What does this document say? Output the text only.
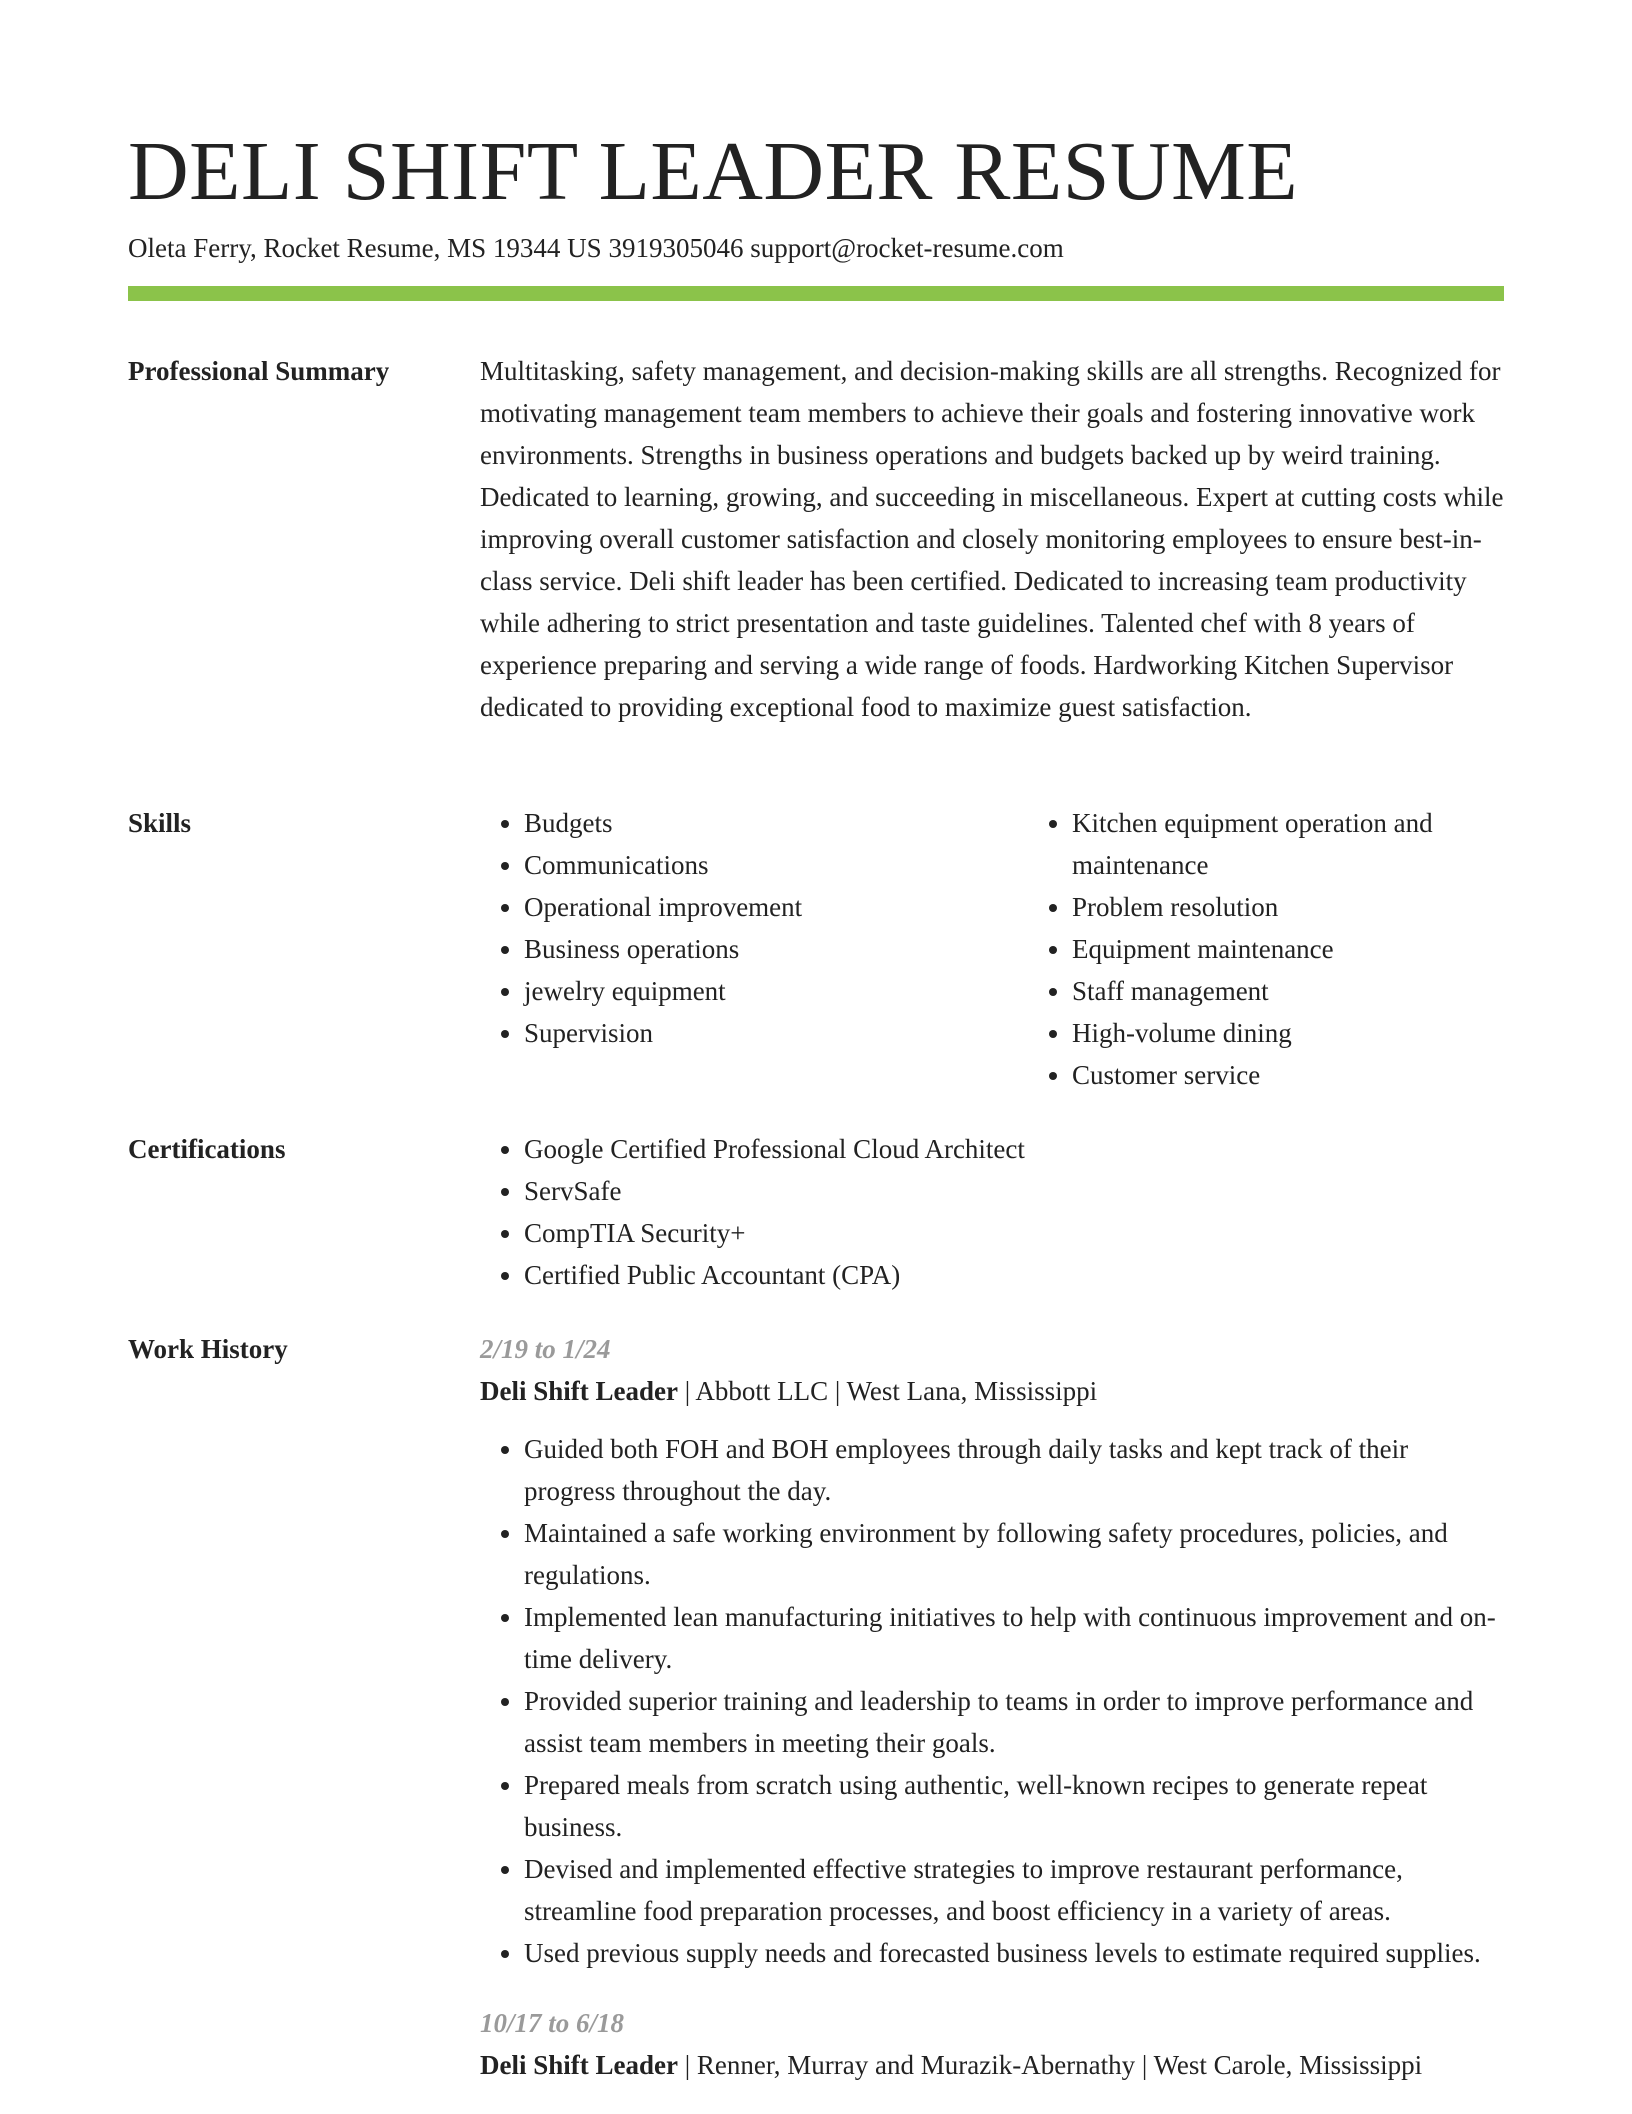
DELI SHIFT LEADER RESUME
Oleta Ferry, Rocket Resume, MS 19344 US 3919305046 support@rocket-resume.com
Professional Summary	Multitasking, safety management, and decision-making skills are all strengths. Recognized for motivating management team members to achieve their goals and fostering innovative work environments. Strengths in business operations and budgets backed up by weird training. Dedicated to learning, growing, and succeeding in miscellaneous. Expert at cutting costs while improving overall customer satisfaction and closely monitoring employees to ensure best-in-class service. Deli shift leader has been certified. Dedicated to increasing team productivity while adhering to strict presentation and taste guidelines. Talented chef with 8 years of experience preparing and serving a wide range of foods. Hardworking Kitchen Supervisor dedicated to providing exceptional food to maximize guest satisfaction.

Skills	• Budgets
• Communications
• Operational improvement
• Business operations
• jewelry equipment
• Supervision
• Kitchen equipment operation and maintenance
• Problem resolution
• Equipment maintenance
• Staff management
• High-volume dining
• Customer service
Certifications	• Google Certified Professional Cloud Architect
• ServSafe
• CompTIA Security+
• Certified Public Accountant (CPA)
Work History	2/19 to 1/24
Deli Shift Leader | Abbott LLC | West Lana, Mississippi
• Guided both FOH and BOH employees through daily tasks and kept track of their progress throughout the day.
• Maintained a safe working environment by following safety procedures, policies, and regulations.
• Implemented lean manufacturing initiatives to help with continuous improvement and on-time delivery.
• Provided superior training and leadership to teams in order to improve performance and assist team members in meeting their goals.
• Prepared meals from scratch using authentic, well-known recipes to generate repeat business.
• Devised and implemented effective strategies to improve restaurant performance, streamline food preparation processes, and boost efficiency in a variety of areas.
• Used previous supply needs and forecasted business levels to estimate required supplies.
10/17 to 6/18
Deli Shift Leader | Renner, Murray and Murazik-Abernathy | West Carole, Mississippi
